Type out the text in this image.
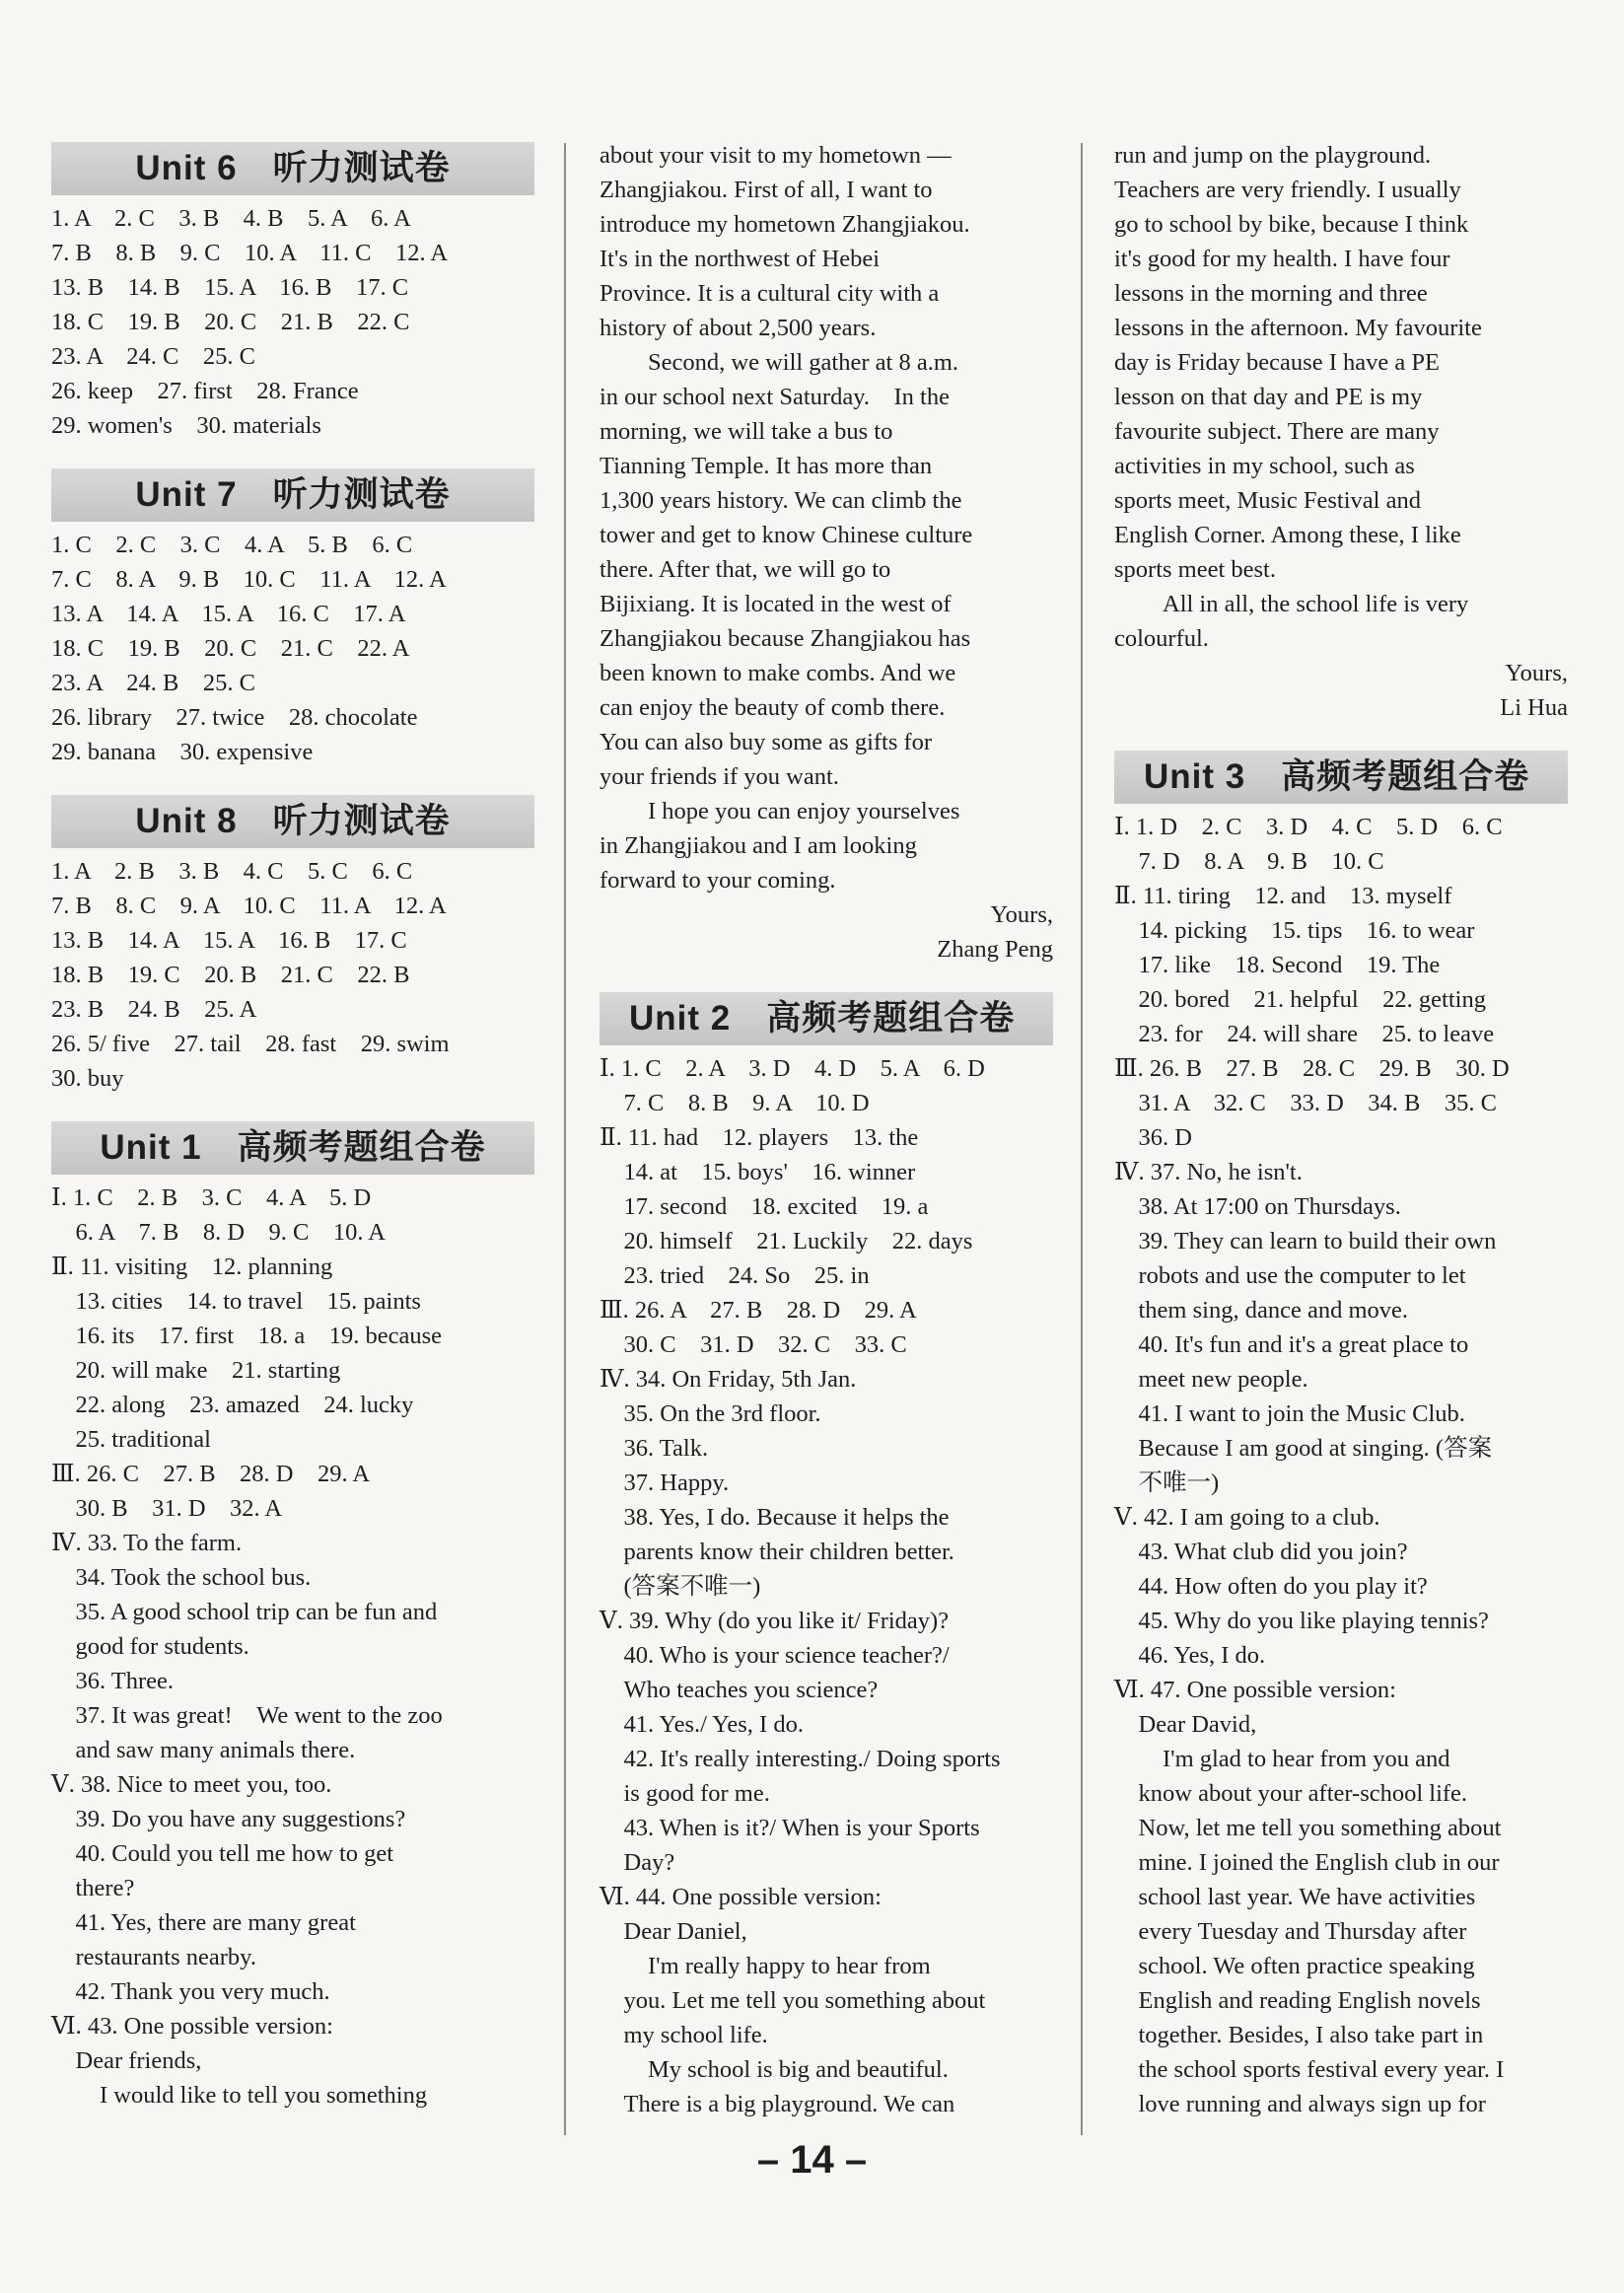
Unit 6　听力测试卷
1. A　2. C　3. B　4. B　5. A　6. A
7. B　8. B　9. C　10. A　11. C　12. A
13. B　14. B　15. A　16. B　17. C
18. C　19. B　20. C　21. B　22. C
23. A　24. C　25. C
26. keep　27. first　28. France
29. women's　30. materials
Unit 7　听力测试卷
1. C　2. C　3. C　4. A　5. B　6. C
7. C　8. A　9. B　10. C　11. A　12. A
13. A　14. A　15. A　16. C　17. A
18. C　19. B　20. C　21. C　22. A
23. A　24. B　25. C
26. library　27. twice　28. chocolate
29. banana　30. expensive
Unit 8　听力测试卷
1. A　2. B　3. B　4. C　5. C　6. C
7. B　8. C　9. A　10. C　11. A　12. A
13. B　14. A　15. A　16. B　17. C
18. B　19. C　20. B　21. C　22. B
23. B　24. B　25. A
26. 5/ five　27. tail　28. fast　29. swim
30. buy
Unit 1　高频考题组合卷
Ⅰ. 1. C　2. B　3. C　4. A　5. D
　6. A　7. B　8. D　9. C　10. A
Ⅱ. 11. visiting　12. planning
　13. cities　14. to travel　15. paints
　16. its　17. first　18. a　19. because
　20. will make　21. starting
　22. along　23. amazed　24. lucky
　25. traditional
Ⅲ. 26. C　27. B　28. D　29. A
　30. B　31. D　32. A
Ⅳ. 33. To the farm.
　34. Took the school bus.
　35. A good school trip can be fun and
　good for students.
　36. Three.
　37. It was great!　We went to the zoo
　and saw many animals there.
Ⅴ. 38. Nice to meet you, too.
　39. Do you have any suggestions?
　40. Could you tell me how to get
　there?
　41. Yes, there are many great
　restaurants nearby.
　42. Thank you very much.
Ⅵ. 43. One possible version:
　Dear friends,
　　I would like to tell you something
about your visit to my hometown —
Zhangjiakou. First of all, I want to
introduce my hometown Zhangjiakou.
It's in the northwest of Hebei
Province. It is a cultural city with a
history of about 2,500 years.
　　Second, we will gather at 8 a.m.
in our school next Saturday.　In the
morning, we will take a bus to
Tianning Temple. It has more than
1,300 years history. We can climb the
tower and get to know Chinese culture
there. After that, we will go to
Bijixiang. It is located in the west of
Zhangjiakou because Zhangjiakou has
been known to make combs. And we
can enjoy the beauty of comb there.
You can also buy some as gifts for
your friends if you want.
　　I hope you can enjoy yourselves
in Zhangjiakou and I am looking
forward to your coming.
Yours,
Zhang Peng
Unit 2　高频考题组合卷
Ⅰ. 1. C　2. A　3. D　4. D　5. A　6. D
　7. C　8. B　9. A　10. D
Ⅱ. 11. had　12. players　13. the
　14. at　15. boys'　16. winner
　17. second　18. excited　19. a
　20. himself　21. Luckily　22. days
　23. tried　24. So　25. in
Ⅲ. 26. A　27. B　28. D　29. A
　30. C　31. D　32. C　33. C
Ⅳ. 34. On Friday, 5th Jan.
　35. On the 3rd floor.
　36. Talk.
　37. Happy.
　38. Yes, I do. Because it helps the
　parents know their children better.
　(答案不唯一)
Ⅴ. 39. Why (do you like it/ Friday)?
　40. Who is your science teacher?/
　Who teaches you science?
　41. Yes./ Yes, I do.
　42. It's really interesting./ Doing sports
　is good for me.
　43. When is it?/ When is your Sports
　Day?
Ⅵ. 44. One possible version:
　Dear Daniel,
　　I'm really happy to hear from
　you. Let me tell you something about
　my school life.
　　My school is big and beautiful.
　There is a big playground. We can
run and jump on the playground.
Teachers are very friendly. I usually
go to school by bike, because I think
it's good for my health. I have four
lessons in the morning and three
lessons in the afternoon. My favourite
day is Friday because I have a PE
lesson on that day and PE is my
favourite subject. There are many
activities in my school, such as
sports meet, Music Festival and
English Corner. Among these, I like
sports meet best.
　　All in all, the school life is very
colourful.
Yours,
Li Hua
Unit 3　高频考题组合卷
Ⅰ. 1. D　2. C　3. D　4. C　5. D　6. C
　7. D　8. A　9. B　10. C
Ⅱ. 11. tiring　12. and　13. myself
　14. picking　15. tips　16. to wear
　17. like　18. Second　19. The
　20. bored　21. helpful　22. getting
　23. for　24. will share　25. to leave
Ⅲ. 26. B　27. B　28. C　29. B　30. D
　31. A　32. C　33. D　34. B　35. C
　36. D
Ⅳ. 37. No, he isn't.
　38. At 17:00 on Thursdays.
　39. They can learn to build their own
　robots and use the computer to let
　them sing, dance and move.
　40. It's fun and it's a great place to
　meet new people.
　41. I want to join the Music Club.
　Because I am good at singing. (答案
　不唯一)
Ⅴ. 42. I am going to a club.
　43. What club did you join?
　44. How often do you play it?
　45. Why do you like playing tennis?
　46. Yes, I do.
Ⅵ. 47. One possible version:
　Dear David,
　　I'm glad to hear from you and
　know about your after-school life.
　Now, let me tell you something about
　mine. I joined the English club in our
　school last year. We have activities
　every Tuesday and Thursday after
　school. We often practice speaking
　English and reading English novels
　together. Besides, I also take part in
　the school sports festival every year. I
　love running and always sign up for
– 14 –
